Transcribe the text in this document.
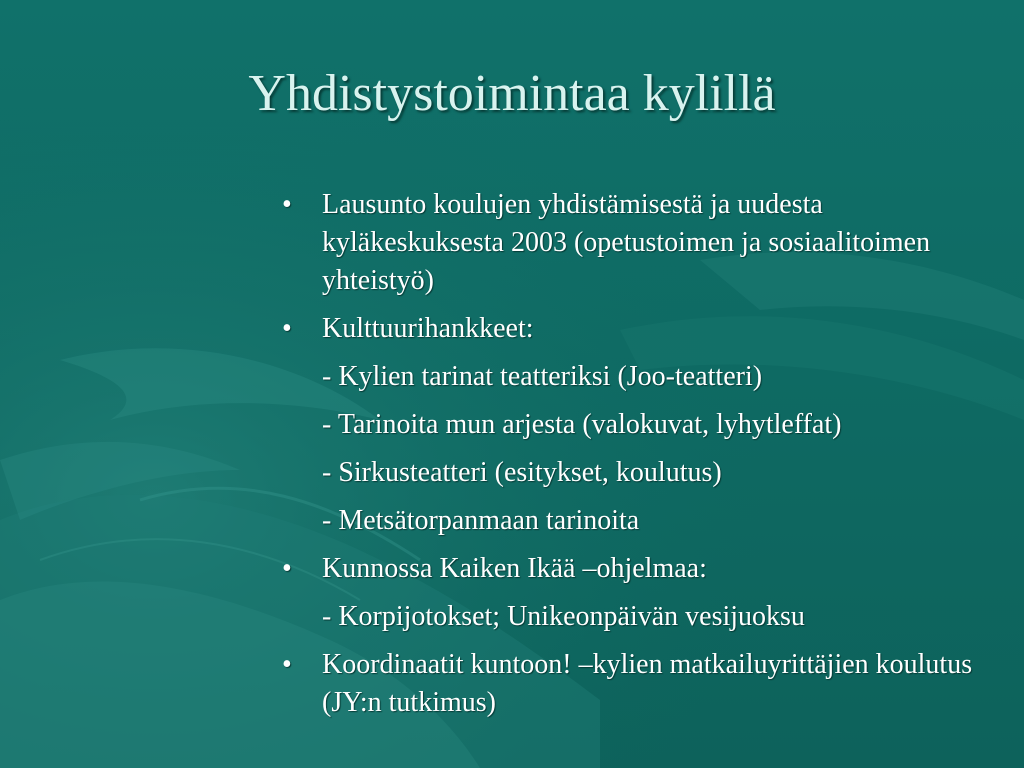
Yhdistystoimintaa kylillä
• Lausunto koulujen yhdistämisestä ja uudesta kyläkeskuksesta 2003 (opetustoimen ja sosiaalitoimen yhteistyö)
• Kulttuurihankkeet:
- Kylien tarinat teatteriksi (Joo-teatteri)
- Tarinoita mun arjesta (valokuvat, lyhytleffat)
- Sirkusteatteri (esitykset, koulutus)
- Metsätorpanmaan tarinoita
• Kunnossa Kaiken Ikää –ohjelmaa:
- Korpijotokset; Unikeonpäivän vesijuoksu
• Koordinaatit kuntoon! –kylien matkailuyrittäjien koulutus (JY:n tutkimus)
